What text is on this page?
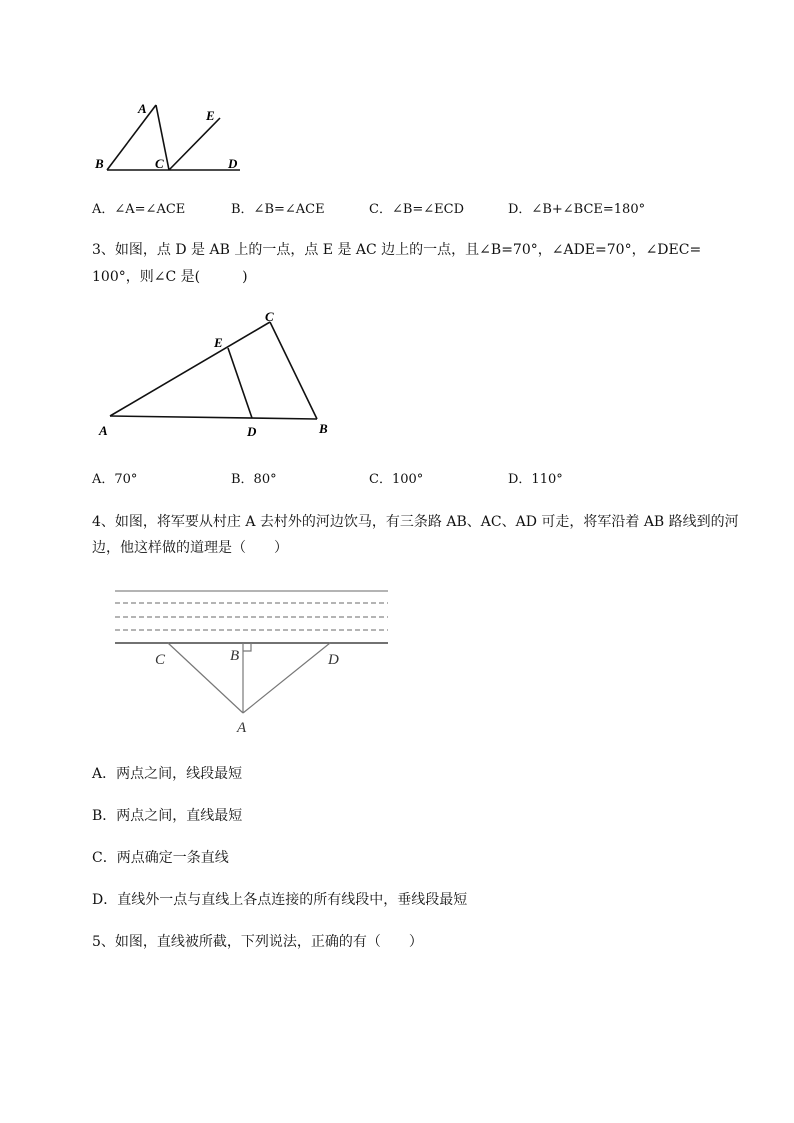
A
B	C	D
E
A．∠A=∠ACE	B．∠B=∠ACE	C．∠B=∠ECD	D．∠B+∠BCE=180°
3、如图，点 D 是 AB 上的一点，点 E 是 AC 边上的一点，且∠B=70°，∠ADE=70°，∠DEC=
100°，则∠C 是(　　　)
A	B
C
D
E
A．70°	B．80°	C．100°	D．110°
4、如图，将军要从村庄 A 去村外的河边饮马，有三条路 AB、AC、AD 可走，将军沿着 AB 路线到的河
边，他这样做的道理是（　　）
C	B	D
A
A．两点之间，线段最短
B．两点之间，直线最短
C．两点确定一条直线
D．直线外一点与直线上各点连接的所有线段中，垂线段最短
5、如图，直线被所截，下列说法，正确的有（　　）
